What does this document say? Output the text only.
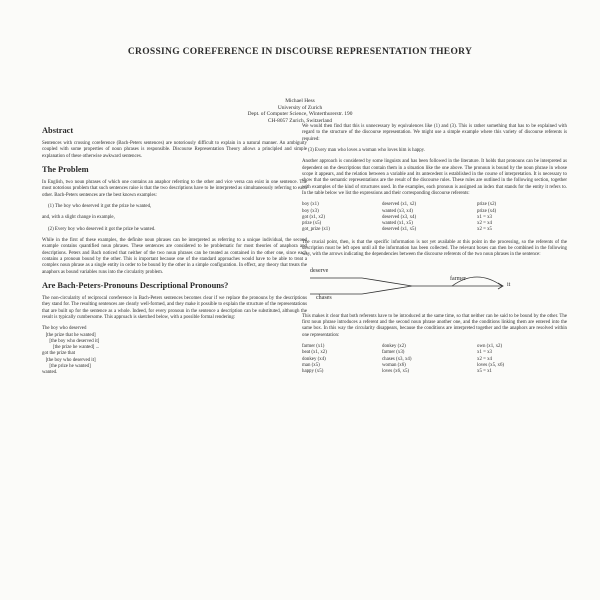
CROSSING COREFERENCE IN DISCOURSE REPRESENTATION THEORY
Michael Hess
University of Zurich
Dept. of Computer Science, Winterthurerstr. 190
CH-8057 Zurich, Switzerland
Abstract
Sentences with crossing coreference (Bach-Peters sentences) are notoriously difficult to explain in a natural manner. An ambiguity coupled with some properties of noun phrases is responsible. Discourse Representation Theory allows a principled and simple explanation of these otherwise awkward sentences.
The Problem
In English, two noun phrases of which one contains an anaphor referring to the other and vice versa can exist in one sentence. The most notorious problem that such sentences raise is that the two descriptions have to be interpreted as simultaneously referring to each other. Bach-Peters sentences are the best known examples:
(1) The boy who deserved it got the prize he wanted,
and, with a slight change in example,
(2) Every boy who deserved it got the prize he wanted.
While in the first of these examples, the definite noun phrases can be interpreted as referring to a unique individual, the second example contains quantified noun phrases. These sentences are considered to be problematic for most theories of anaphora and descriptions. Peters and Bach noticed that neither of the two noun phrases can be treated as contained in the other one, since each contains a pronoun bound by the other. This is important because one of the standard approaches would have to be able to treat a complex noun phrase as a single entity in order to be bound by the other in a simple configuration. In effect, any theory that treats the anaphors as bound variables runs into the circularity problem.
Are Bach-Peters-Pronouns Descriptional Pronouns?
The non-circularity of reciprocal coreference in Bach-Peters sentences becomes clear if we replace the pronouns by the descriptions they stand for. The resulting sentences are clearly well-formed, and they make it possible to explain the structure of the representations that are built up for the sentence as a whole. Indeed, for every pronoun in the sentence a description can be substituted, although the result is typically cumbersome. This approach is sketched below, with a possible formal rendering:
The boy who deserved
[the prize that he wanted]
[the boy who deserved it]
[the prize he wanted] ...
got the prize that
[the boy who deserved it]
[the prize he wanted]
wanted.
We would then find that this is unnecessary by equivalences like (1) and (3). This is rather something that has to be explained with regard to the structure of the discourse representation. We might use a simple example where this variety of discourse referents is required:
(3) Every man who loves a woman who loves him is happy.
Another approach is considered by some linguists and has been followed in the literature. It holds that pronouns can be interpreted as dependent on the descriptions that contain them in a situation like the one above. The pronoun is bound by the noun phrase in whose scope it appears, and the relation between a variable and its antecedent is established in the course of interpretation. It is necessary to show that the semantic representations are the result of the discourse rules. These rules are outlined in the following section, together with examples of the kind of structures used. In the examples, each pronoun is assigned an index that stands for the entity it refers to. In the table below we list the expressions and their corresponding discourse referents:
boy (x1)	deserved (x1, x2)	prize (x2)
boy (x3)	wanted (x3, x4)	prize (x4)
got (x1, x2)	deserved (x3, x4)	x1 = x3
prize (x5)	wanted (x1, x5)	x2 = x4
got_prize (x1)	deserved (x1, x5)	x2 = x5
The crucial point, then, is that the specific information is not yet available at this point in the processing, so the referents of the description must be left open until all the information has been collected. The relevant boxes can then be combined in the following way, with the arrows indicating the dependencies between the discourse referents of the two noun phrases in the sentence:
deserve
chases
farmer
it
This makes it clear that both referents have to be introduced at the same time, so that neither can be said to be bound by the other. The first noun phrase introduces a referent and the second noun phrase another one, and the conditions linking them are entered into the same box. In this way the circularity disappears, because the conditions are interpreted together and the anaphors are resolved within one representation:
farmer (x1)	donkey (x2)	own (x1, x2)
beat (x1, x2)	farmer (x3)	x1 = x3
donkey (x4)	chases (x3, x4)	x2 = x4
man (x5)	woman (x6)	loves (x5, x6)
happy (x5)	loves (x6, x5)	x5 = x1
